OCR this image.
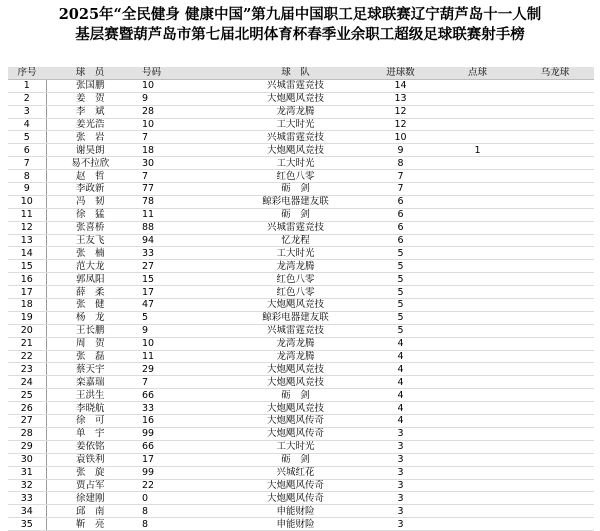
2025年“全民健身 健康中国”第九届中国职工足球联赛辽宁葫芦岛十一人制
基层赛暨葫芦岛市第七届北明体育杯春季业余职工超级足球联赛射手榜
序号	球　员	号码	球　队	进球数	点球	乌龙球
1	张国鹏	10	兴城雷霆竞技	14		
2	姜　贺	9	大炮飓风竞技	13		
3	李　斌	28	龙湾龙腾	12		
4	姜光浩	10	工大时光	12		
5	张　岩	7	兴城雷霆竞技	10		
6	谢昊朗	18	大炮飓风竞技	9	1	
7	易不拉欣	30	工大时光	8		
8	赵　哲	7	红色八零	7		
9	李政新	77	砺　剑	7		
10	冯　韧	78	鲸彩电器建友联	6		
11	徐　猛	11	砺　剑	6		
12	张喜桥	88	兴城雷霆竞技	6		
13	王友飞	94	忆龙程	6		
14	张　楠	33	工大时光	5		
15	范大龙	27	龙湾龙腾	5		
16	郭凤阳	15	红色八零	5		
17	薛　柔	17	红色八零	5		
18	张　健	47	大炮飓风竞技	5		
19	杨　龙	5	鲸彩电器建友联	5		
20	王长鹏	9	兴城雷霆竞技	5		
21	周　贺	10	龙湾龙腾	4		
22	张　磊	11	龙湾龙腾	4		
23	蔡天宇	29	大炮飓风竞技	4		
24	栾嘉瑞	7	大炮飓风竞技	4		
25	王洪生	66	砺　剑	4		
26	李晓航	33	大炮飓风竞技	4		
27	徐　可	16	大炮飓风传奇	4		
28	单　宇	99	大炮飓风传奇	3		
29	姜依铭	66	工大时光	3		
30	袁铁利	17	砺　剑	3		
31	张　旋	99	兴城红花	3		
32	贾占军	22	大炮飓风传奇	3		
33	徐建刚	0	大炮飓风传奇	3		
34	邱　南	8	申能财险	3		
35	靳　亮	8	申能财险	3		
